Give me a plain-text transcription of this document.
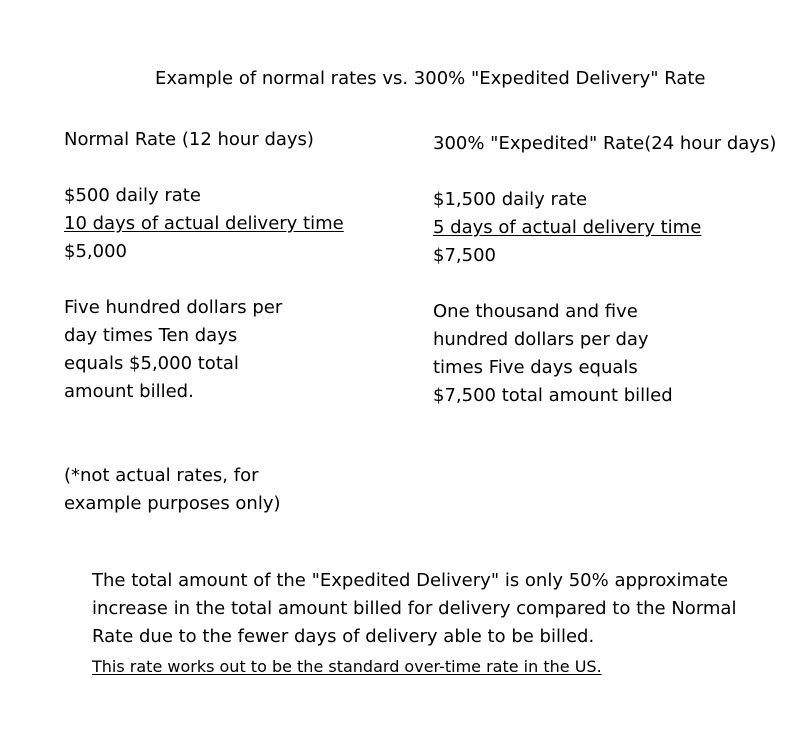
Example of normal rates vs. 300% "Expedited Delivery" Rate
Normal Rate (12 hour days)
$500 daily rate
10 days of actual delivery time
$5,000
Five hundred dollars per day times Ten days equals $5,000 total amount billed.
300% "Expedited" Rate(24 hour days)
$1,500 daily rate
5 days of actual delivery time
$7,500
One thousand and five hundred dollars per day times Five days equals $7,500 total amount billed
(*not actual rates, for example purposes only)
The total amount of the "Expedited Delivery" is only 50% approximate increase in the total amount billed for delivery compared to the Normal Rate due to the fewer days of delivery able to be billed.
This rate works out to be the standard over-time rate in the US.
